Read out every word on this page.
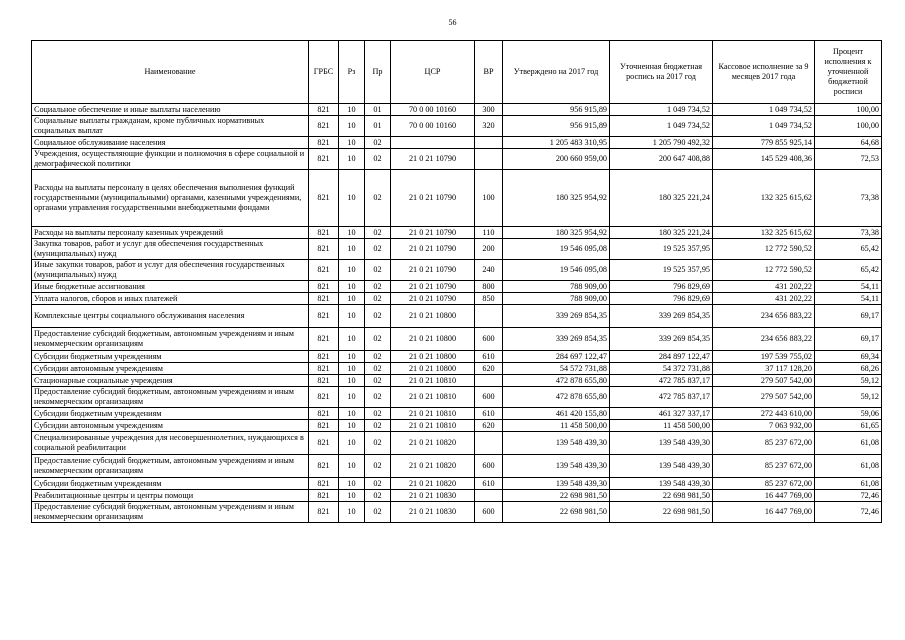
56
Наименование	ГРБС	Рз	Пр	ЦСР	ВР	Утверждено на 2017 год	Уточненная бюджетная роспись на 2017 год	Кассовое исполнение за 9 месяцев 2017 года	Процент исполнения к уточненной бюджетной росписи
Социальное обеспечение и иные выплаты населению	821	10	01	70 0 00 10160	300	956 915,89	1 049 734,52	1 049 734,52	100,00
Социальные выплаты гражданам, кроме публичных нормативных социальных выплат	821	10	01	70 0 00 10160	320	956 915,89	1 049 734,52	1 049 734,52	100,00
Социальное обслуживание населения	821	10	02			1 205 483 310,95	1 205 790 492,32	779 855 925,14	64,68
Учреждения, осуществляющие функции и полномочия в сфере социальной и демографической политики	821	10	02	21 0 21 10790		200 660 959,00	200 647 408,88	145 529 408,36	72,53
Расходы на выплаты персоналу в целях обеспечения выполнения функций государственными (муниципальными) органами, казенными учреждениями, органами управления государственными внебюджетными фондами	821	10	02	21 0 21 10790	100	180 325 954,92	180 325 221,24	132 325 615,62	73,38
Расходы на выплаты персоналу казенных учреждений	821	10	02	21 0 21 10790	110	180 325 954,92	180 325 221,24	132 325 615,62	73,38
Закупка товаров, работ и услуг для обеспечения государственных (муниципальных) нужд	821	10	02	21 0 21 10790	200	19 546 095,08	19 525 357,95	12 772 590,52	65,42
Иные закупки товаров, работ и услуг для обеспечения государственных (муниципальных) нужд	821	10	02	21 0 21 10790	240	19 546 095,08	19 525 357,95	12 772 590,52	65,42
Иные бюджетные ассигнования	821	10	02	21 0 21 10790	800	788 909,00	796 829,69	431 202,22	54,11
Уплата налогов, сборов и иных платежей	821	10	02	21 0 21 10790	850	788 909,00	796 829,69	431 202,22	54,11
Комплексные центры социального обслуживания населения	821	10	02	21 0 21 10800		339 269 854,35	339 269 854,35	234 656 883,22	69,17
Предоставление субсидий бюджетным, автономным учреждениям и иным некоммерческим организациям	821	10	02	21 0 21 10800	600	339 269 854,35	339 269 854,35	234 656 883,22	69,17
Субсидии бюджетным учреждениям	821	10	02	21 0 21 10800	610	284 697 122,47	284 897 122,47	197 539 755,02	69,34
Субсидии автономным учреждениям	821	10	02	21 0 21 10800	620	54 572 731,88	54 372 731,88	37 117 128,20	68,26
Стационарные социальные учреждения	821	10	02	21 0 21 10810		472 878 655,80	472 785 837,17	279 507 542,00	59,12
Предоставление субсидий бюджетным, автономным учреждениям и иным некоммерческим организациям	821	10	02	21 0 21 10810	600	472 878 655,80	472 785 837,17	279 507 542,00	59,12
Субсидии бюджетным учреждениям	821	10	02	21 0 21 10810	610	461 420 155,80	461 327 337,17	272 443 610,00	59,06
Субсидии автономным учреждениям	821	10	02	21 0 21 10810	620	11 458 500,00	11 458 500,00	7 063 932,00	61,65
Специализированные учреждения для несовершеннолетних, нуждающихся в социальной реабилитации	821	10	02	21 0 21 10820		139 548 439,30	139 548 439,30	85 237 672,00	61,08
Предоставление субсидий бюджетным, автономным учреждениям и иным некоммерческим организациям	821	10	02	21 0 21 10820	600	139 548 439,30	139 548 439,30	85 237 672,00	61,08
Субсидии бюджетным учреждениям	821	10	02	21 0 21 10820	610	139 548 439,30	139 548 439,30	85 237 672,00	61,08
Реабилитационные центры и центры помощи	821	10	02	21 0 21 10830		22 698 981,50	22 698 981,50	16 447 769,00	72,46
Предоставление субсидий бюджетным, автономным учреждениям и иным некоммерческим организациям	821	10	02	21 0 21 10830	600	22 698 981,50	22 698 981,50	16 447 769,00	72,46
